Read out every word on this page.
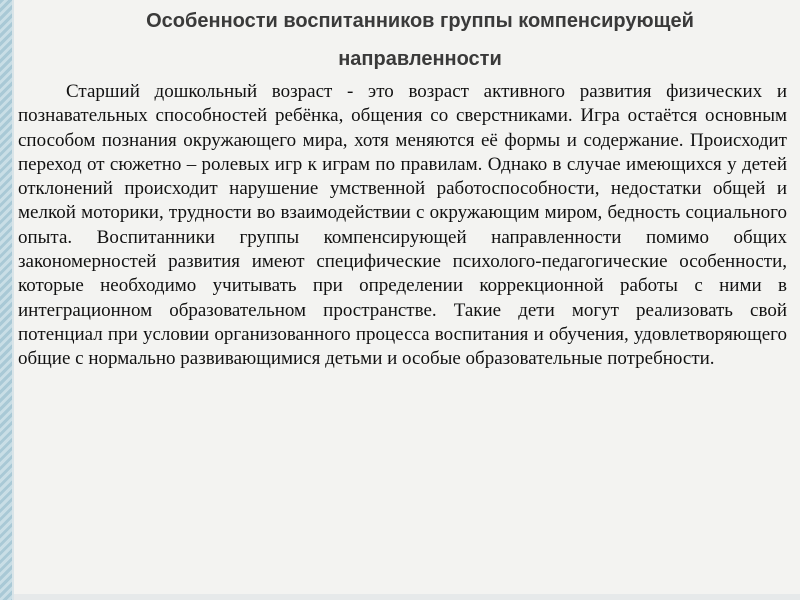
Особенности воспитанников группы компенсирующей
направленности

Старший дошкольный возраст - это возраст активного развития физических и познавательных способностей ребёнка, общения со сверстниками. Игра остаётся основным способом познания окружающего мира, хотя меняются её формы и содержание. Происходит переход от сюжетно – ролевых игр к играм по правилам. Однако в случае имеющихся у детей отклонений происходит нарушение умственной работоспособности, недостатки общей и мелкой моторики, трудности во взаимодействии с окружающим миром, бедность социального опыта. Воспитанники группы компенсирующей направленности помимо общих закономерностей развития имеют специфические психолого-педагогические особенности, которые необходимо учитывать при определении коррекционной работы с ними в интеграционном образовательном пространстве. Такие дети могут реализовать свой потенциал при условии организованного процесса воспитания и обучения, удовлетворяющего общие с нормально развивающимися детьми и особые образовательные потребности.
